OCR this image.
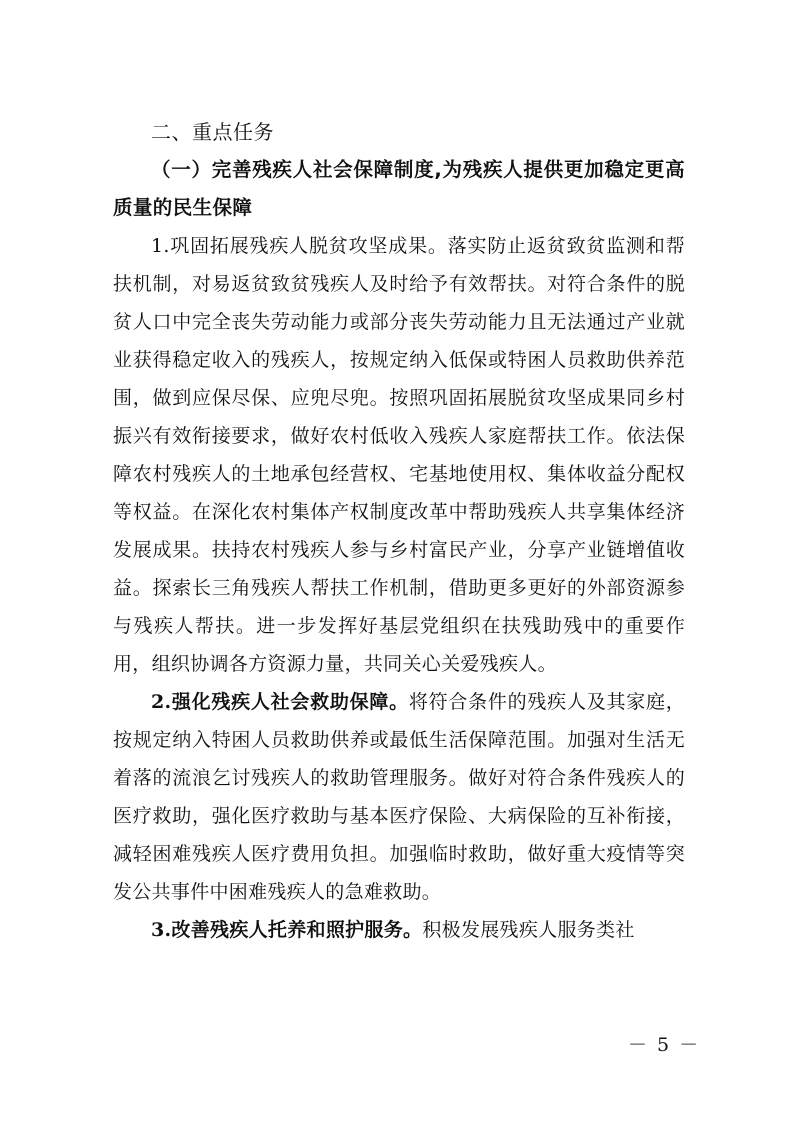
二、重点任务
（一）完善残疾人社会保障制度,为残疾人提供更加稳定更高质量的民生保障

1.巩固拓展残疾人脱贫攻坚成果。落实防止返贫致贫监测和帮扶机制，对易返贫致贫残疾人及时给予有效帮扶。对符合条件的脱贫人口中完全丧失劳动能力或部分丧失劳动能力且无法通过产业就业获得稳定收入的残疾人，按规定纳入低保或特困人员救助供养范围，做到应保尽保、应兜尽兜。按照巩固拓展脱贫攻坚成果同乡村振兴有效衔接要求，做好农村低收入残疾人家庭帮扶工作。依法保障农村残疾人的土地承包经营权、宅基地使用权、集体收益分配权等权益。在深化农村集体产权制度改革中帮助残疾人共享集体经济发展成果。扶持农村残疾人参与乡村富民产业，分享产业链增值收益。探索长三角残疾人帮扶工作机制，借助更多更好的外部资源参与残疾人帮扶。进一步发挥好基层党组织在扶残助残中的重要作用，组织协调各方资源力量，共同关心关爱残疾人。

2.强化残疾人社会救助保障。将符合条件的残疾人及其家庭，按规定纳入特困人员救助供养或最低生活保障范围。加强对生活无着落的流浪乞讨残疾人的救助管理服务。做好对符合条件残疾人的医疗救助，强化医疗救助与基本医疗保险、大病保险的互补衔接，减轻困难残疾人医疗费用负担。加强临时救助，做好重大疫情等突发公共事件中困难残疾人的急难救助。

3.改善残疾人托养和照护服务。积极发展残疾人服务类社

－ 5 －
